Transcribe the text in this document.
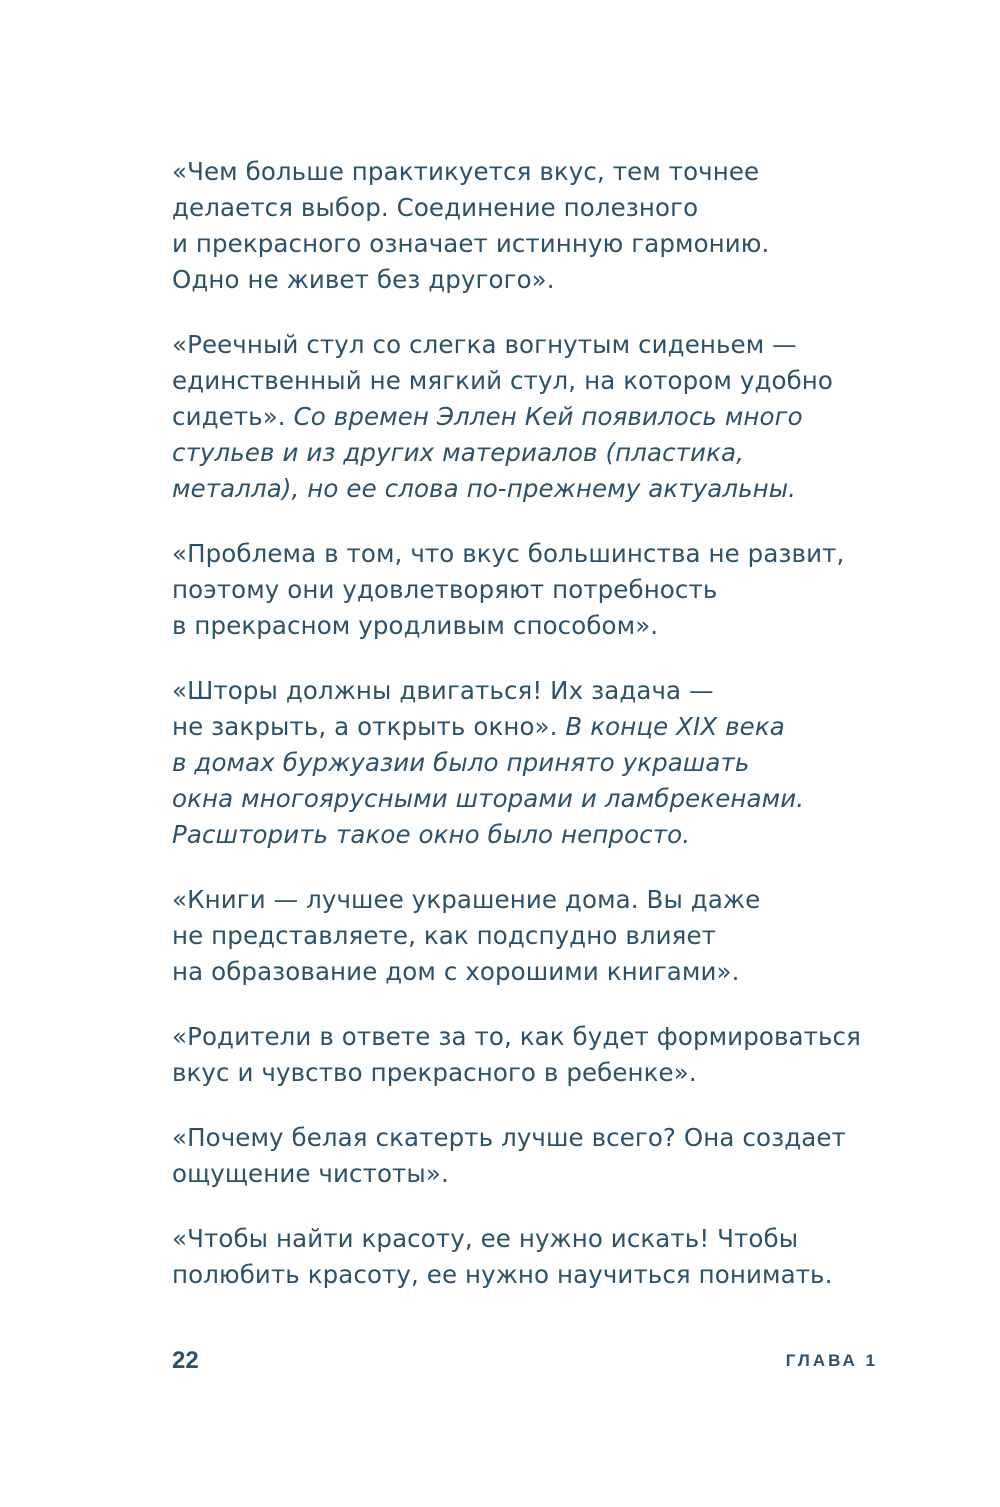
«Чем больше практикуется вкус, тем точнее
делается выбор. Соединение полезного
и прекрасного означает истинную гармонию.
Одно не живет без другого».
«Реечный стул со слегка вогнутым сиденьем —
единственный не мягкий стул, на котором удобно
сидеть». Со времен Эллен Кей появилось много
стульев и из других материалов (пластика,
металла), но ее слова по-прежнему актуальны.
«Проблема в том, что вкус большинства не развит,
поэтому они удовлетворяют потребность
в прекрасном уродливым способом».
«Шторы должны двигаться! Их задача —
не закрыть, а открыть окно». В конце XIX века
в домах буржуазии было принято украшать
окна многоярусными шторами и ламбрекенами.
Расшторить такое окно было непросто.
«Книги — лучшее украшение дома. Вы даже
не представляете, как подспудно влияет
на образование дом с хорошими книгами».
«Родители в ответе за то, как будет формироваться
вкус и чувство прекрасного в ребенке».
«Почему белая скатерть лучше всего? Она создает
ощущение чистоты».
«Чтобы найти красоту, ее нужно искать! Чтобы
полюбить красоту, ее нужно научиться понимать.
22	ГЛАВА 1
